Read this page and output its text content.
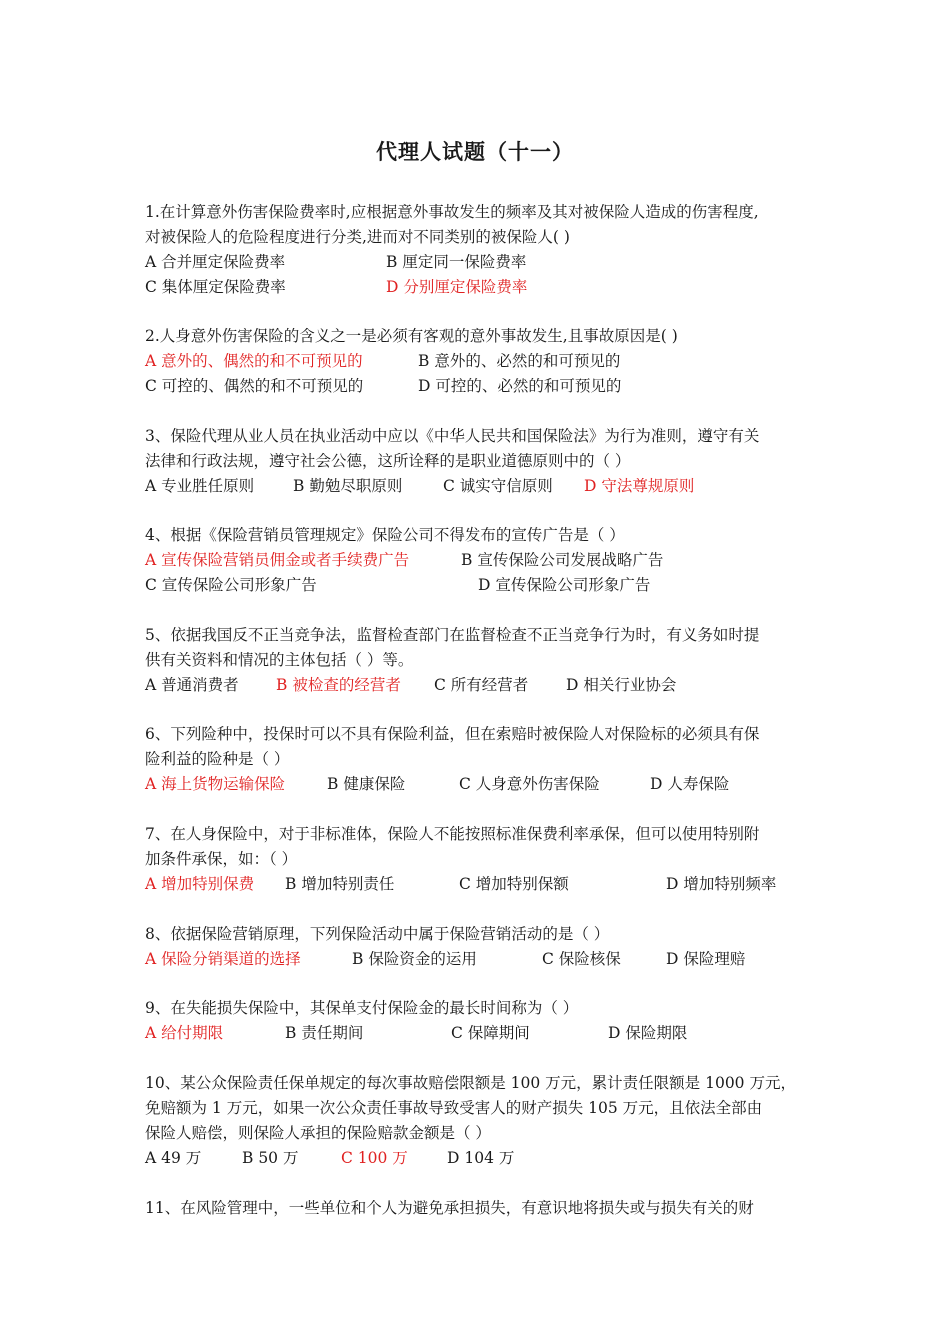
代理人试题（十一）
1.在计算意外伤害保险费率时,应根据意外事故发生的频率及其对被保险人造成的伤害程度,
对被保险人的危险程度进行分类,进而对不同类别的被保险人( )
A 合并厘定保险费率	B 厘定同一保险费率
C 集体厘定保险费率	D 分别厘定保险费率
2.人身意外伤害保险的含义之一是必须有客观的意外事故发生,且事故原因是( )
A 意外的、偶然的和不可预见的	B 意外的、必然的和可预见的
C 可控的、偶然的和不可预见的	D 可控的、必然的和可预见的
3、保险代理从业人员在执业活动中应以《中华人民共和国保险法》为行为准则，遵守有关
法律和行政法规，遵守社会公德，这所诠释的是职业道德原则中的（ ）
A 专业胜任原则	B 勤勉尽职原则	C 诚实守信原则 D 守法尊规原则
4、根据《保险营销员管理规定》保险公司不得发布的宣传广告是（ ）
A 宣传保险营销员佣金或者手续费广告	B 宣传保险公司发展战略广告
C 宣传保险公司形象广告	D 宣传保险公司形象广告
5、依据我国反不正当竞争法，监督检查部门在监督检查不正当竞争行为时，有义务如时提
供有关资料和情况的主体包括（ ）等。
A 普通消费者 B 被检查的经营者 C 所有经营者 D 相关行业协会
6、下列险种中，投保时可以不具有保险利益，但在索赔时被保险人对保险标的必须具有保
险利益的险种是（ ）
A 海上货物运输保险	B 健康保险	C 人身意外伤害保险	D 人寿保险
7、在人身保险中，对于非标准体，保险人不能按照标准保费利率承保，但可以使用特别附
加条件承保，如：（ ）
A 增加特别保费 B 增加特别责任	C 增加特别保额	D 增加特别频率
8、依据保险营销原理，下列保险活动中属于保险营销活动的是（ ）
A 保险分销渠道的选择	B 保险资金的运用	C 保险核保	D 保险理赔
9、在失能损失保险中，其保单支付保险金的最长时间称为（ ）
A 给付期限	B 责任期间	C 保障期间	D 保险期限
10、某公众保险责任保单规定的每次事故赔偿限额是 100 万元，累计责任限额是 1000 万元，
免赔额为 1 万元，如果一次公众责任事故导致受害人的财产损失 105 万元，且依法全部由
保险人赔偿，则保险人承担的保险赔款金额是（ ）
A 49 万	B 50 万	C 100 万	D 104 万
11、在风险管理中，一些单位和个人为避免承担损失，有意识地将损失或与损失有关的财
